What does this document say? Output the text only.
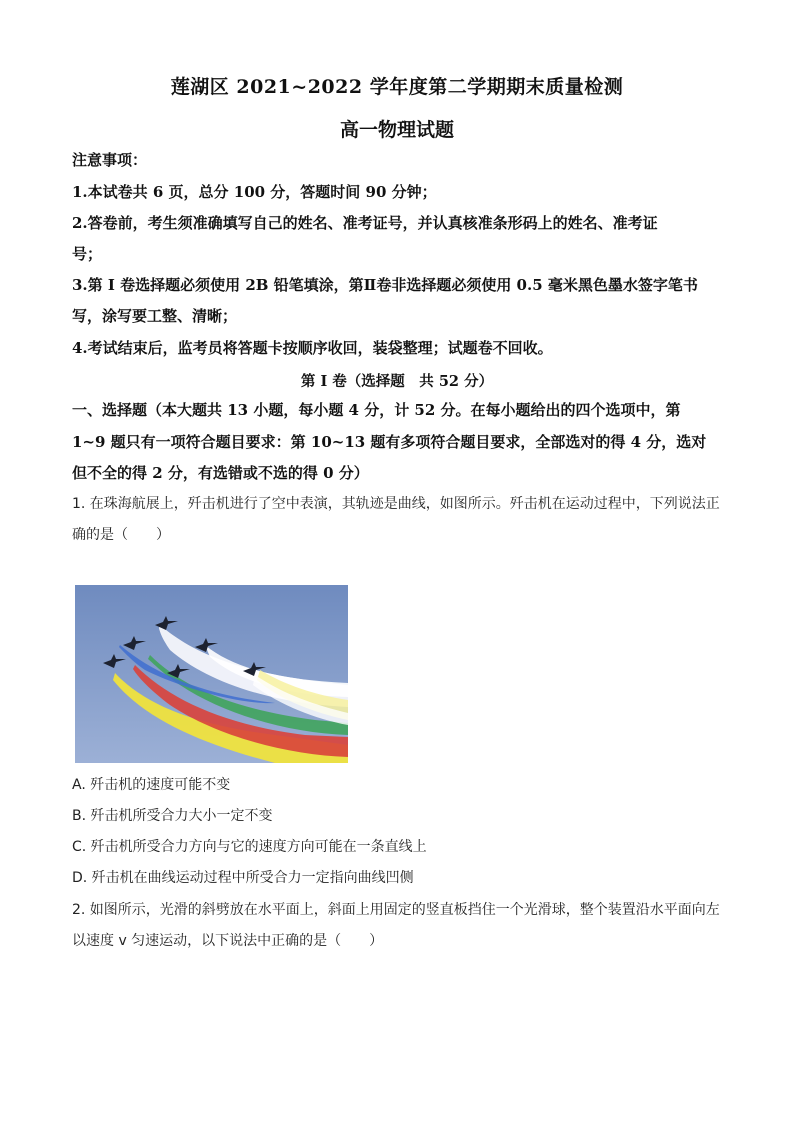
莲湖区 2021~2022 学年度第二学期期末质量检测
高一物理试题
注意事项：
1.本试卷共 6 页，总分 100 分，答题时间 90 分钟；
2.答卷前，考生须准确填写自己的姓名、准考证号，并认真核准条形码上的姓名、准考证
号；
3.第 I 卷选择题必须使用 2B 铅笔填涂，第Ⅱ卷非选择题必须使用 0.5 毫米黑色墨水签字笔书
写，涂写要工整、清晰；
4.考试结束后，监考员将答题卡按顺序收回，装袋整理；试题卷不回收。
第 I 卷（选择题　共 52 分）
一、选择题（本大题共 13 小题，每小题 4 分，计 52 分。在每小题给出的四个选项中，第
1~9 题只有一项符合题目要求：第 10~13 题有多项符合题目要求，全部选对的得 4 分，选对
但不全的得 2 分，有选错或不选的得 0 分）
1. 在珠海航展上，歼击机进行了空中表演，其轨迹是曲线，如图所示。歼击机在运动过程中，下列说法正
确的是（　　）
A. 歼击机的速度可能不变
B. 歼击机所受合力大小一定不变
C. 歼击机所受合力方向与它的速度方向可能在一条直线上
D. 歼击机在曲线运动过程中所受合力一定指向曲线凹侧
2. 如图所示，光滑的斜劈放在水平面上，斜面上用固定的竖直板挡住一个光滑球，整个装置沿水平面向左
以速度 v 匀速运动，以下说法中正确的是（　　）
